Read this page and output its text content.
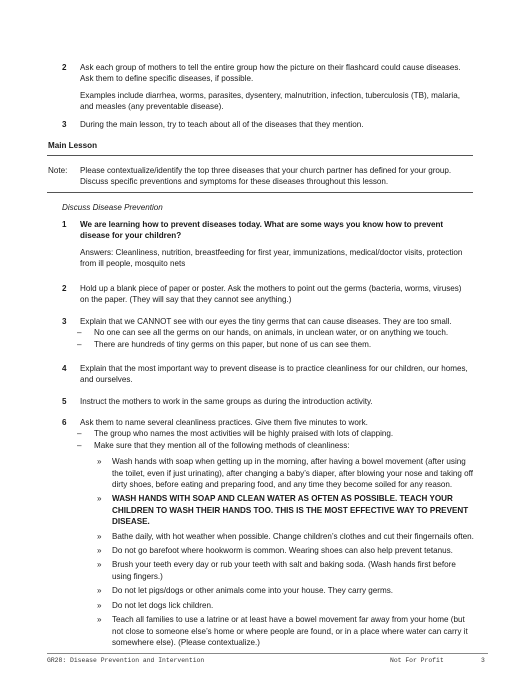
2 Ask each group of mothers to tell the entire group how the picture on their flashcard could cause diseases. Ask them to define specific diseases, if possible.
Examples include diarrhea, worms, parasites, dysentery, malnutrition, infection, tuberculosis (TB), malaria, and measles (any preventable disease).
3 During the main lesson, try to teach about all of the diseases that they mention.
Main Lesson
Note: Please contextualize/identify the top three diseases that your church partner has defined for your group. Discuss specific preventions and symptoms for these diseases throughout this lesson.
Discuss Disease Prevention
1 We are learning how to prevent diseases today. What are some ways you know how to prevent disease for your children?
Answers: Cleanliness, nutrition, breastfeeding for first year, immunizations, medical/doctor visits, protection from ill people, mosquito nets
2 Hold up a blank piece of paper or poster. Ask the mothers to point out the germs (bacteria, worms, viruses) on the paper. (They will say that they cannot see anything.)
3 Explain that we CANNOT see with our eyes the tiny germs that can cause diseases. They are too small.
– No one can see all the germs on our hands, on animals, in unclean water, or on anything we touch.
– There are hundreds of tiny germs on this paper, but none of us can see them.
4 Explain that the most important way to prevent disease is to practice cleanliness for our children, our homes, and ourselves.
5 Instruct the mothers to work in the same groups as during the introduction activity.
6 Ask them to name several cleanliness practices. Give them five minutes to work.
– The group who names the most activities will be highly praised with lots of clapping.
– Make sure that they mention all of the following methods of cleanliness:
» Wash hands with soap when getting up in the morning, after having a bowel movement (after using the toilet, even if just urinating), after changing a baby’s diaper, after blowing your nose and taking off dirty shoes, before eating and preparing food, and any time they become soiled for any reason.
» WASH HANDS WITH SOAP AND CLEAN WATER AS OFTEN AS POSSIBLE. TEACH YOUR CHILDREN TO WASH THEIR HANDS TOO. THIS IS THE MOST EFFECTIVE WAY TO PREVENT DISEASE.
» Bathe daily, with hot weather when possible. Change children’s clothes and cut their fingernails often.
» Do not go barefoot where hookworm is common. Wearing shoes can also help prevent tetanus.
» Brush your teeth every day or rub your teeth with salt and baking soda. (Wash hands first before using fingers.)
» Do not let pigs/dogs or other animals come into your house. They carry germs.
» Do not let dogs lick children.
» Teach all families to use a latrine or at least have a bowel movement far away from your home (but not close to someone else’s home or where people are found, or in a place where water can carry it somewhere else). (Please contextualize.)
GR28: Disease Prevention and Intervention	Not For Profit	3
